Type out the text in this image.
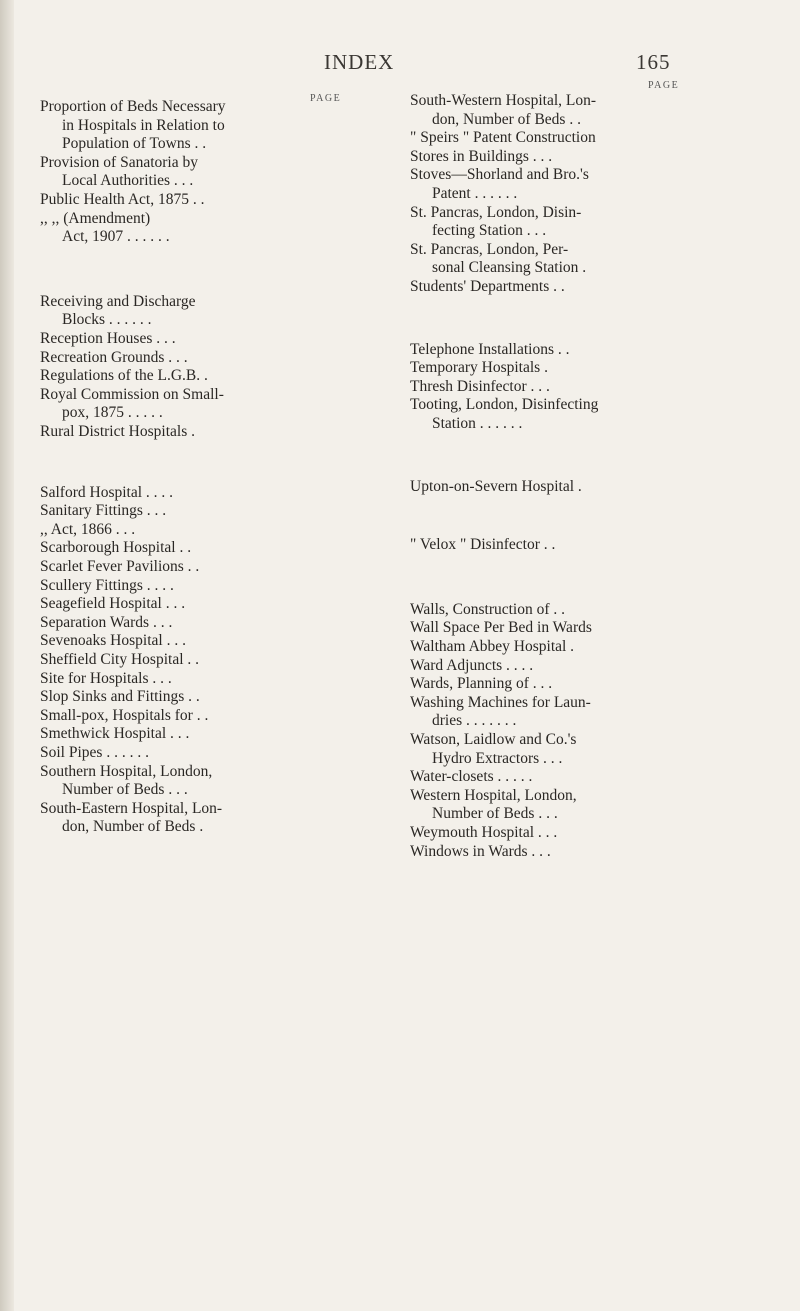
INDEX	165
PAGE
PAGE
Proportion of Beds Necessary
in Hospitals in Relation to
Population of Towns . .
Provision of Sanatoria by
Local Authorities . . .
Public Health Act, 1875 . .
,, ,, (Amendment)
Act, 1907 . . . . . .
Receiving and Discharge
Blocks . . . . . .
Reception Houses . . .
Recreation Grounds . . .
Regulations of the L.G.B. .
Royal Commission on Small-
pox, 1875 . . . . .
Rural District Hospitals .
Salford Hospital . . . .
Sanitary Fittings . . .
,, Act, 1866 . . .
Scarborough Hospital . .
Scarlet Fever Pavilions . .
Scullery Fittings . . . .
Seagefield Hospital . . .
Separation Wards . . .
Sevenoaks Hospital . . .
Sheffield City Hospital . .
Site for Hospitals . . .
Slop Sinks and Fittings . .
Small-pox, Hospitals for . .
Smethwick Hospital . . .
Soil Pipes . . . . . .
Southern Hospital, London,
Number of Beds . . .
South-Eastern Hospital, Lon-
don, Number of Beds .
South-Western Hospital, Lon-
don, Number of Beds . .
" Speirs " Patent Construction
Stores in Buildings . . .
Stoves—Shorland and Bro.'s
Patent . . . . . .
St. Pancras, London, Disin-
fecting Station . . .
St. Pancras, London, Per-
sonal Cleansing Station .
Students' Departments . .
Telephone Installations . .
Temporary Hospitals .
Thresh Disinfector . . .
Tooting, London, Disinfecting
Station . . . . . .
Upton-on-Severn Hospital .
" Velox " Disinfector . .
Walls, Construction of . .
Wall Space Per Bed in Wards
Waltham Abbey Hospital .
Ward Adjuncts . . . .
Wards, Planning of . . .
Washing Machines for Laun-
dries . . . . . . .
Watson, Laidlow and Co.'s
Hydro Extractors . . .
Water-closets . . . . .
Western Hospital, London,
Number of Beds . . .
Weymouth Hospital . . .
Windows in Wards . . .
